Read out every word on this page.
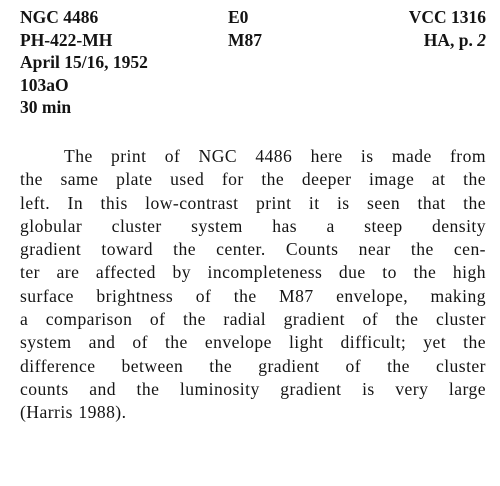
NGC 4486	E0	VCC 1316
PH-422-MH	M87	HA, p. 2
April 15/16, 1952
103aO
30 min
The print of NGC 4486 here is made from
the same plate used for the deeper image at the
left. In this low-contrast print it is seen that the
globular cluster system has a steep density
gradient toward the center. Counts near the cen-
ter are affected by incompleteness due to the high
surface brightness of the M87 envelope, making
a comparison of the radial gradient of the cluster
system and of the envelope light difficult; yet the
difference between the gradient of the cluster
counts and the luminosity gradient is very large
(Harris 1988).
